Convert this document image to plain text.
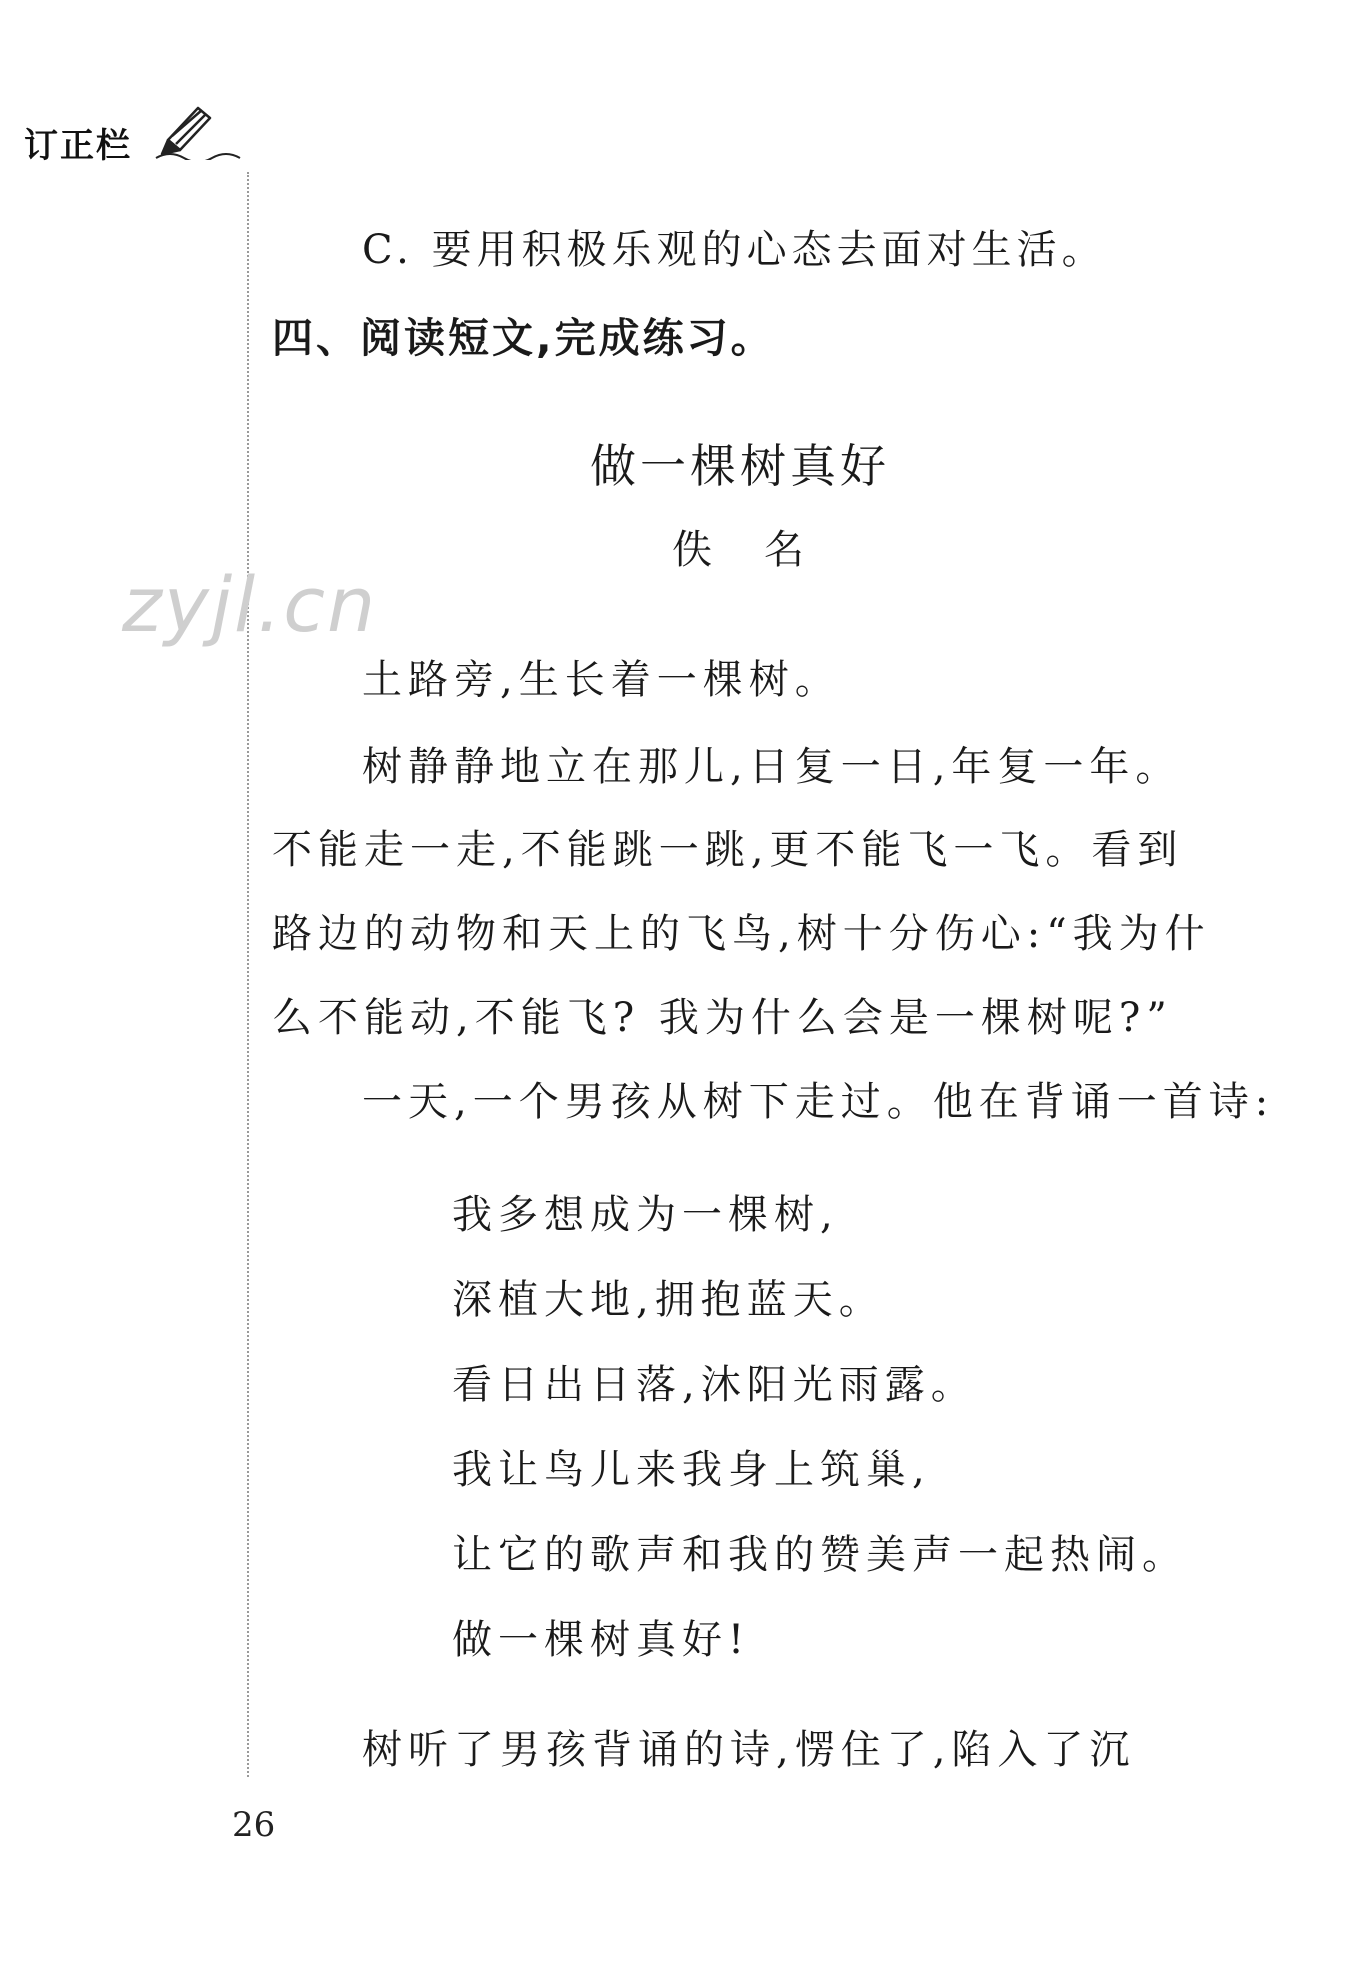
订正栏
zyjl.cn
C. 要用积极乐观的心态去面对生活。
四、阅读短文,完成练习。
做一棵树真好
佚名
土路旁,生长着一棵树。
树静静地立在那儿,日复一日,年复一年。
不能走一走,不能跳一跳,更不能飞一飞。看到
路边的动物和天上的飞鸟,树十分伤心:“我为什
么不能动,不能飞? 我为什么会是一棵树呢?”
一天,一个男孩从树下走过。他在背诵一首诗:
我多想成为一棵树,
深植大地,拥抱蓝天。
看日出日落,沐阳光雨露。
我让鸟儿来我身上筑巢,
让它的歌声和我的赞美声一起热闹。
做一棵树真好!
树听了男孩背诵的诗,愣住了,陷入了沉
26
